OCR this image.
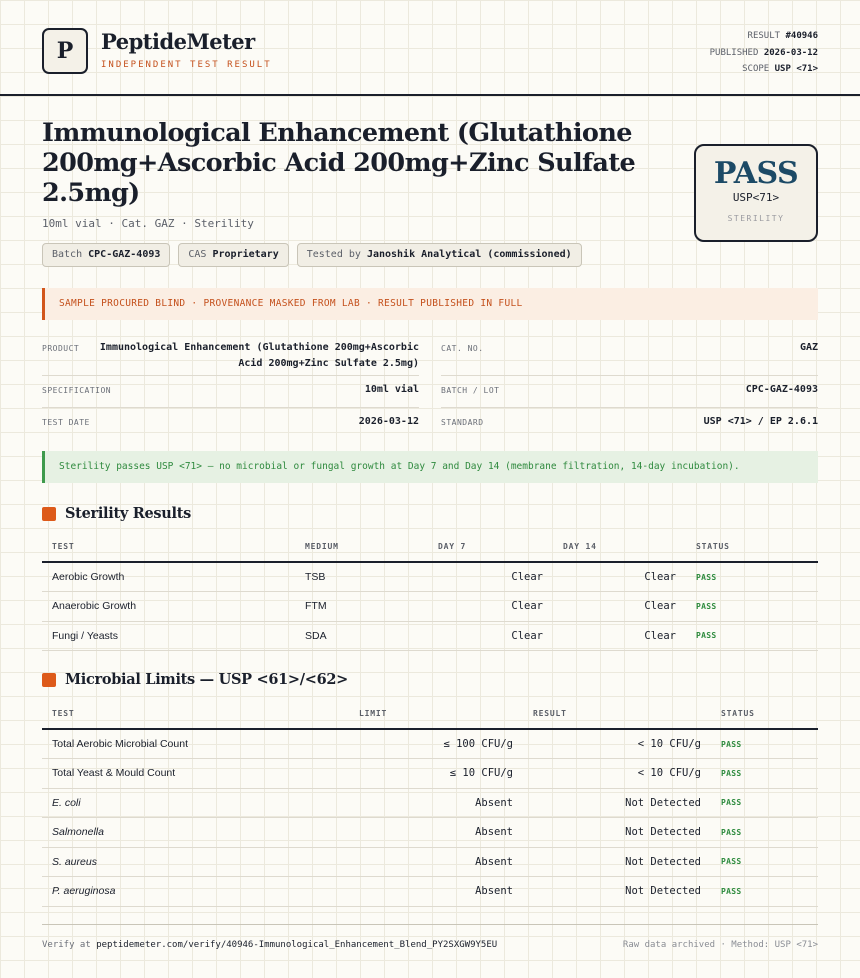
P	PeptideMeter
INDEPENDENT TEST RESULT
RESULT #40946
PUBLISHED 2026-03-12
SCOPE USP <71>
Immunological Enhancement (Glutathione 200mg+Ascorbic Acid 200mg+Zinc Sulfate 2.5mg)
10ml vial · Cat. GAZ · Sterility
Batch CPC-GAZ-4093	CAS Proprietary	Tested by Janoshik Analytical (commissioned)
PASS
USP<71>
STERILITY
SAMPLE PROCURED BLIND · PROVENANCE MASKED FROM LAB · RESULT PUBLISHED IN FULL
PRODUCT Immunological Enhancement (Glutathione 200mg+Ascorbic Acid 200mg+Zinc Sulfate 2.5mg)
SPECIFICATION	10ml vial
TEST DATE	2026-03-12
CAT. NO.	GAZ
BATCH / LOT	CPC-GAZ-4093
STANDARD	USP <71> / EP 2.6.1
Sterility passes USP <71> — no microbial or fungal growth at Day 7 and Day 14 (membrane filtration, 14-day incubation).
Sterility Results
TEST	MEDIUM	DAY 7	DAY 14	STATUS
Aerobic Growth	TSB	Clear	Clear	PASS
Anaerobic Growth	FTM	Clear	Clear	PASS
Fungi / Yeasts	SDA	Clear	Clear	PASS
Microbial Limits — USP <61>/<62>
TEST	LIMIT	RESULT	STATUS
Total Aerobic Microbial Count	≤ 100 CFU/g	< 10 CFU/g	PASS
Total Yeast & Mould Count	≤ 10 CFU/g	< 10 CFU/g	PASS
E. coli	Absent	Not Detected	PASS
Salmonella	Absent	Not Detected	PASS
S. aureus	Absent	Not Detected	PASS
P. aeruginosa	Absent	Not Detected	PASS
Verify at peptidemeter.com/verify/40946-Immunological_Enhancement_Blend_PY2SXGW9Y5EU	Raw data archived · Method: USP <71>
